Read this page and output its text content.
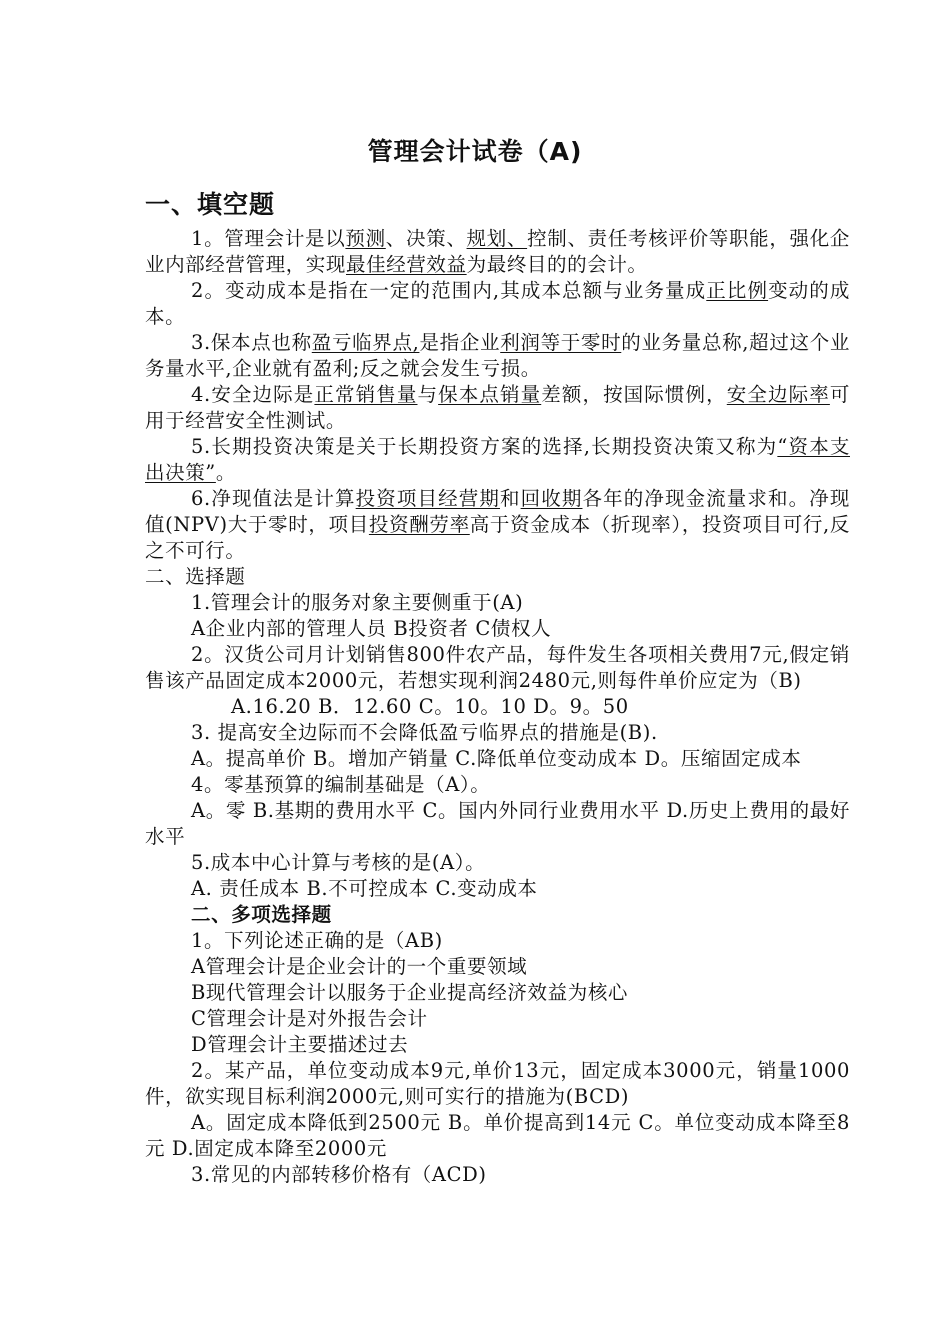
管理会计试卷（A)
一、填空题

1。管理会计是以预测、决策、规划、控制、责任考核评价等职能，强化企业内部经营管理，实现最佳经营效益为最终目的的会计。

2。变动成本是指在一定的范围内,其成本总额与业务量成正比例变动的成本。

3.保本点也称盈亏临界点,是指企业利润等于零时的业务量总称,超过这个业务量水平,企业就有盈利;反之就会发生亏损。

4.安全边际是正常销售量与保本点销量差额，按国际惯例，安全边际率可用于经营安全性测试。

5.长期投资决策是关于长期投资方案的选择,长期投资决策又称为“资本支出决策”。

6.净现值法是计算投资项目经营期和回收期各年的净现金流量求和。净现值(NPV)大于零时，项目投资酬劳率高于资金成本（折现率），投资项目可行,反之不可行。

二、选择题

1.管理会计的服务对象主要侧重于(A)

A企业内部的管理人员 B投资者 C债权人

2。汉货公司月计划销售800件农产品，每件发生各项相关费用7元,假定销售该产品固定成本2000元，若想实现利润2480元,则每件单价应定为（B)

A.16.20 B．12.60 C。10。10 D。9。50

3. 提高安全边际而不会降低盈亏临界点的措施是(B).

A。提高单价 B。增加产销量 C.降低单位变动成本 D。压缩固定成本

4。零基预算的编制基础是（A）。

A。零 B.基期的费用水平 C。国内外同行业费用水平 D.历史上费用的最好水平

5.成本中心计算与考核的是(A）。

A. 责任成本 B.不可控成本 C.变动成本

二、多项选择题

1。下列论述正确的是（AB)

A管理会计是企业会计的一个重要领域

B现代管理会计以服务于企业提高经济效益为核心

C管理会计是对外报告会计

D管理会计主要描述过去

2。某产品，单位变动成本9元,单价13元，固定成本3000元，销量1000件，欲实现目标利润2000元,则可实行的措施为(BCD)

A。固定成本降低到2500元 B。单价提高到14元 C。单位变动成本降至8元 D.固定成本降至2000元

3.常见的内部转移价格有（ACD)
